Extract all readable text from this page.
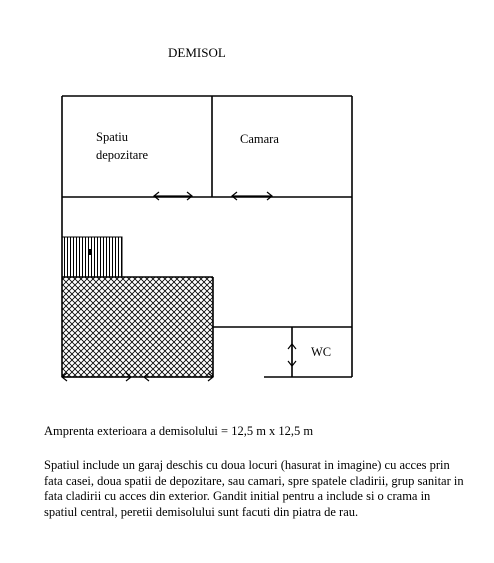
DEMISOL
Spatiu
depozitare
Camara
WC

Amprenta exterioara a demisolului = 12,5 m x 12,5 m

Spatiul include un garaj deschis cu doua locuri (hasurat in imagine) cu acces prin fata casei, doua spatii de depozitare, sau camari, spre spatele cladirii, grup sanitar in fata cladirii cu acces din exterior. Gandit initial pentru a include si o crama in spatiul central, peretii demisolului sunt facuti din piatra de rau.
